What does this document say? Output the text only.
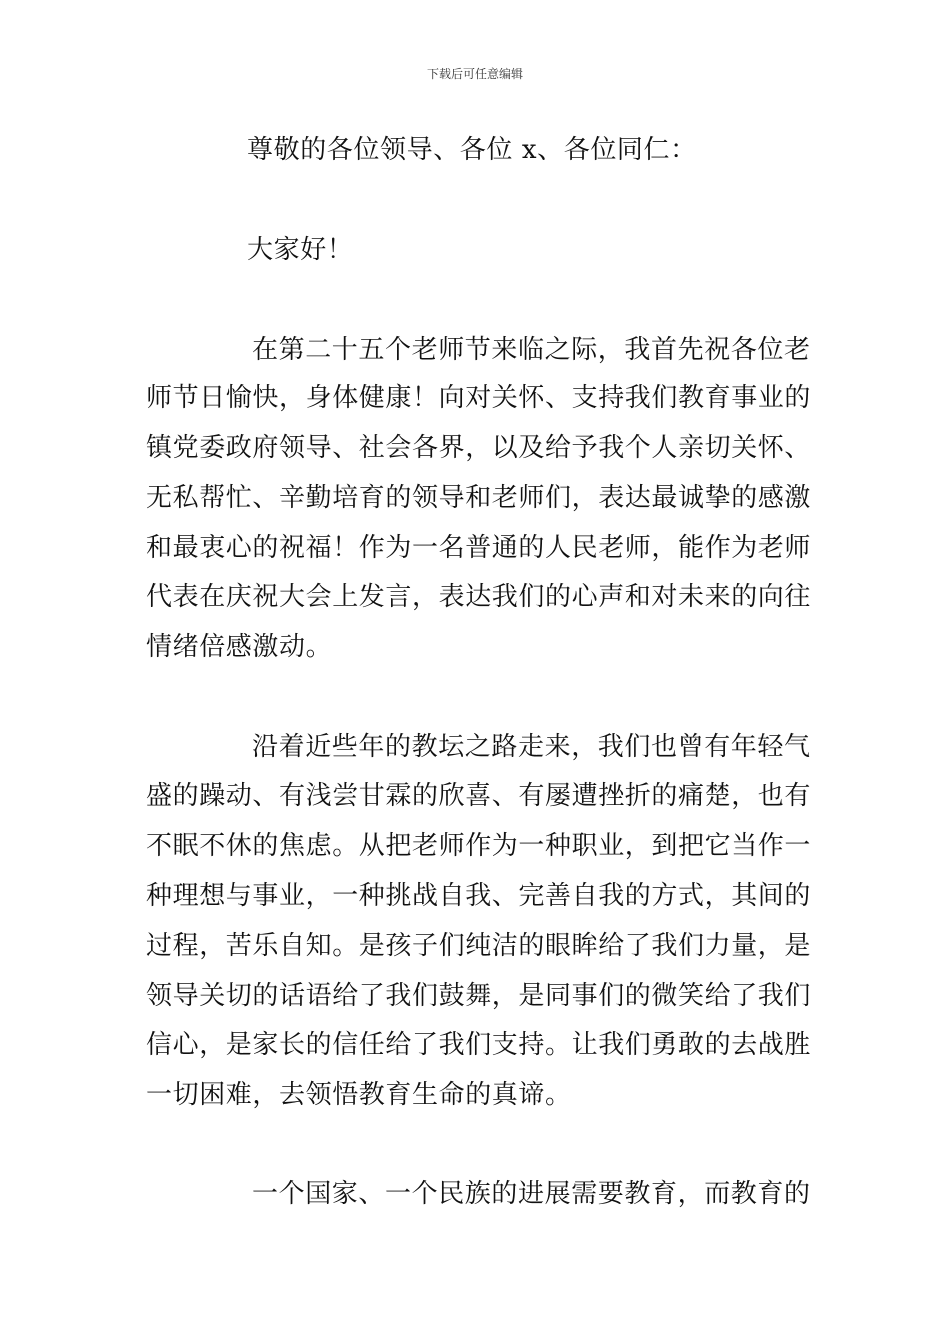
下载后可任意编辑
尊敬的各位领导、各位 x、各位同仁：
大家好！
在第二十五个老师节来临之际，我首先祝各位老
师节日愉快，身体健康！向对关怀、支持我们教育事业的
镇党委政府领导、社会各界，以及给予我个人亲切关怀、
无私帮忙、辛勤培育的领导和老师们，表达最诚挚的感激
和最衷心的祝福！作为一名普通的人民老师，能作为老师
代表在庆祝大会上发言，表达我们的心声和对未来的向往
情绪倍感激动。
沿着近些年的教坛之路走来，我们也曾有年轻气
盛的躁动、有浅尝甘霖的欣喜、有屡遭挫折的痛楚，也有
不眠不休的焦虑。从把老师作为一种职业，到把它当作一
种理想与事业，一种挑战自我、完善自我的方式，其间的
过程，苦乐自知。是孩子们纯洁的眼眸给了我们力量，是
领导关切的话语给了我们鼓舞，是同事们的微笑给了我们
信心，是家长的信任给了我们支持。让我们勇敢的去战胜
一切困难，去领悟教育生命的真谛。
一个国家、一个民族的进展需要教育，而教育的
